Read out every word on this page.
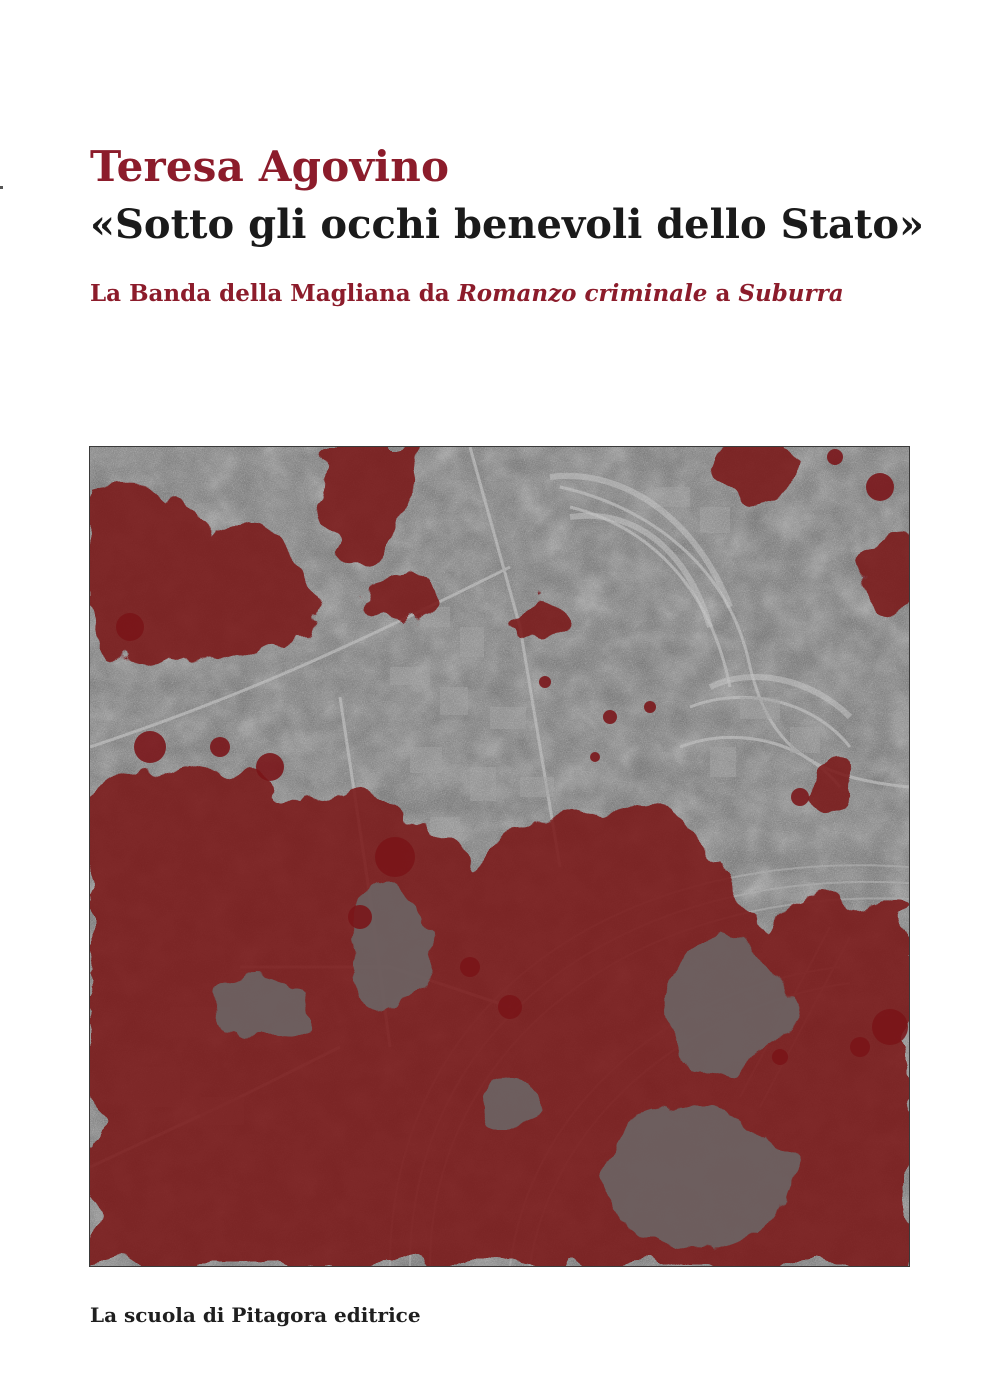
Teresa Agovino
«Sotto gli occhi benevoli dello Stato»
La Banda della Magliana da Romanzo criminale a Suburra
La scuola di Pitagora editrice
